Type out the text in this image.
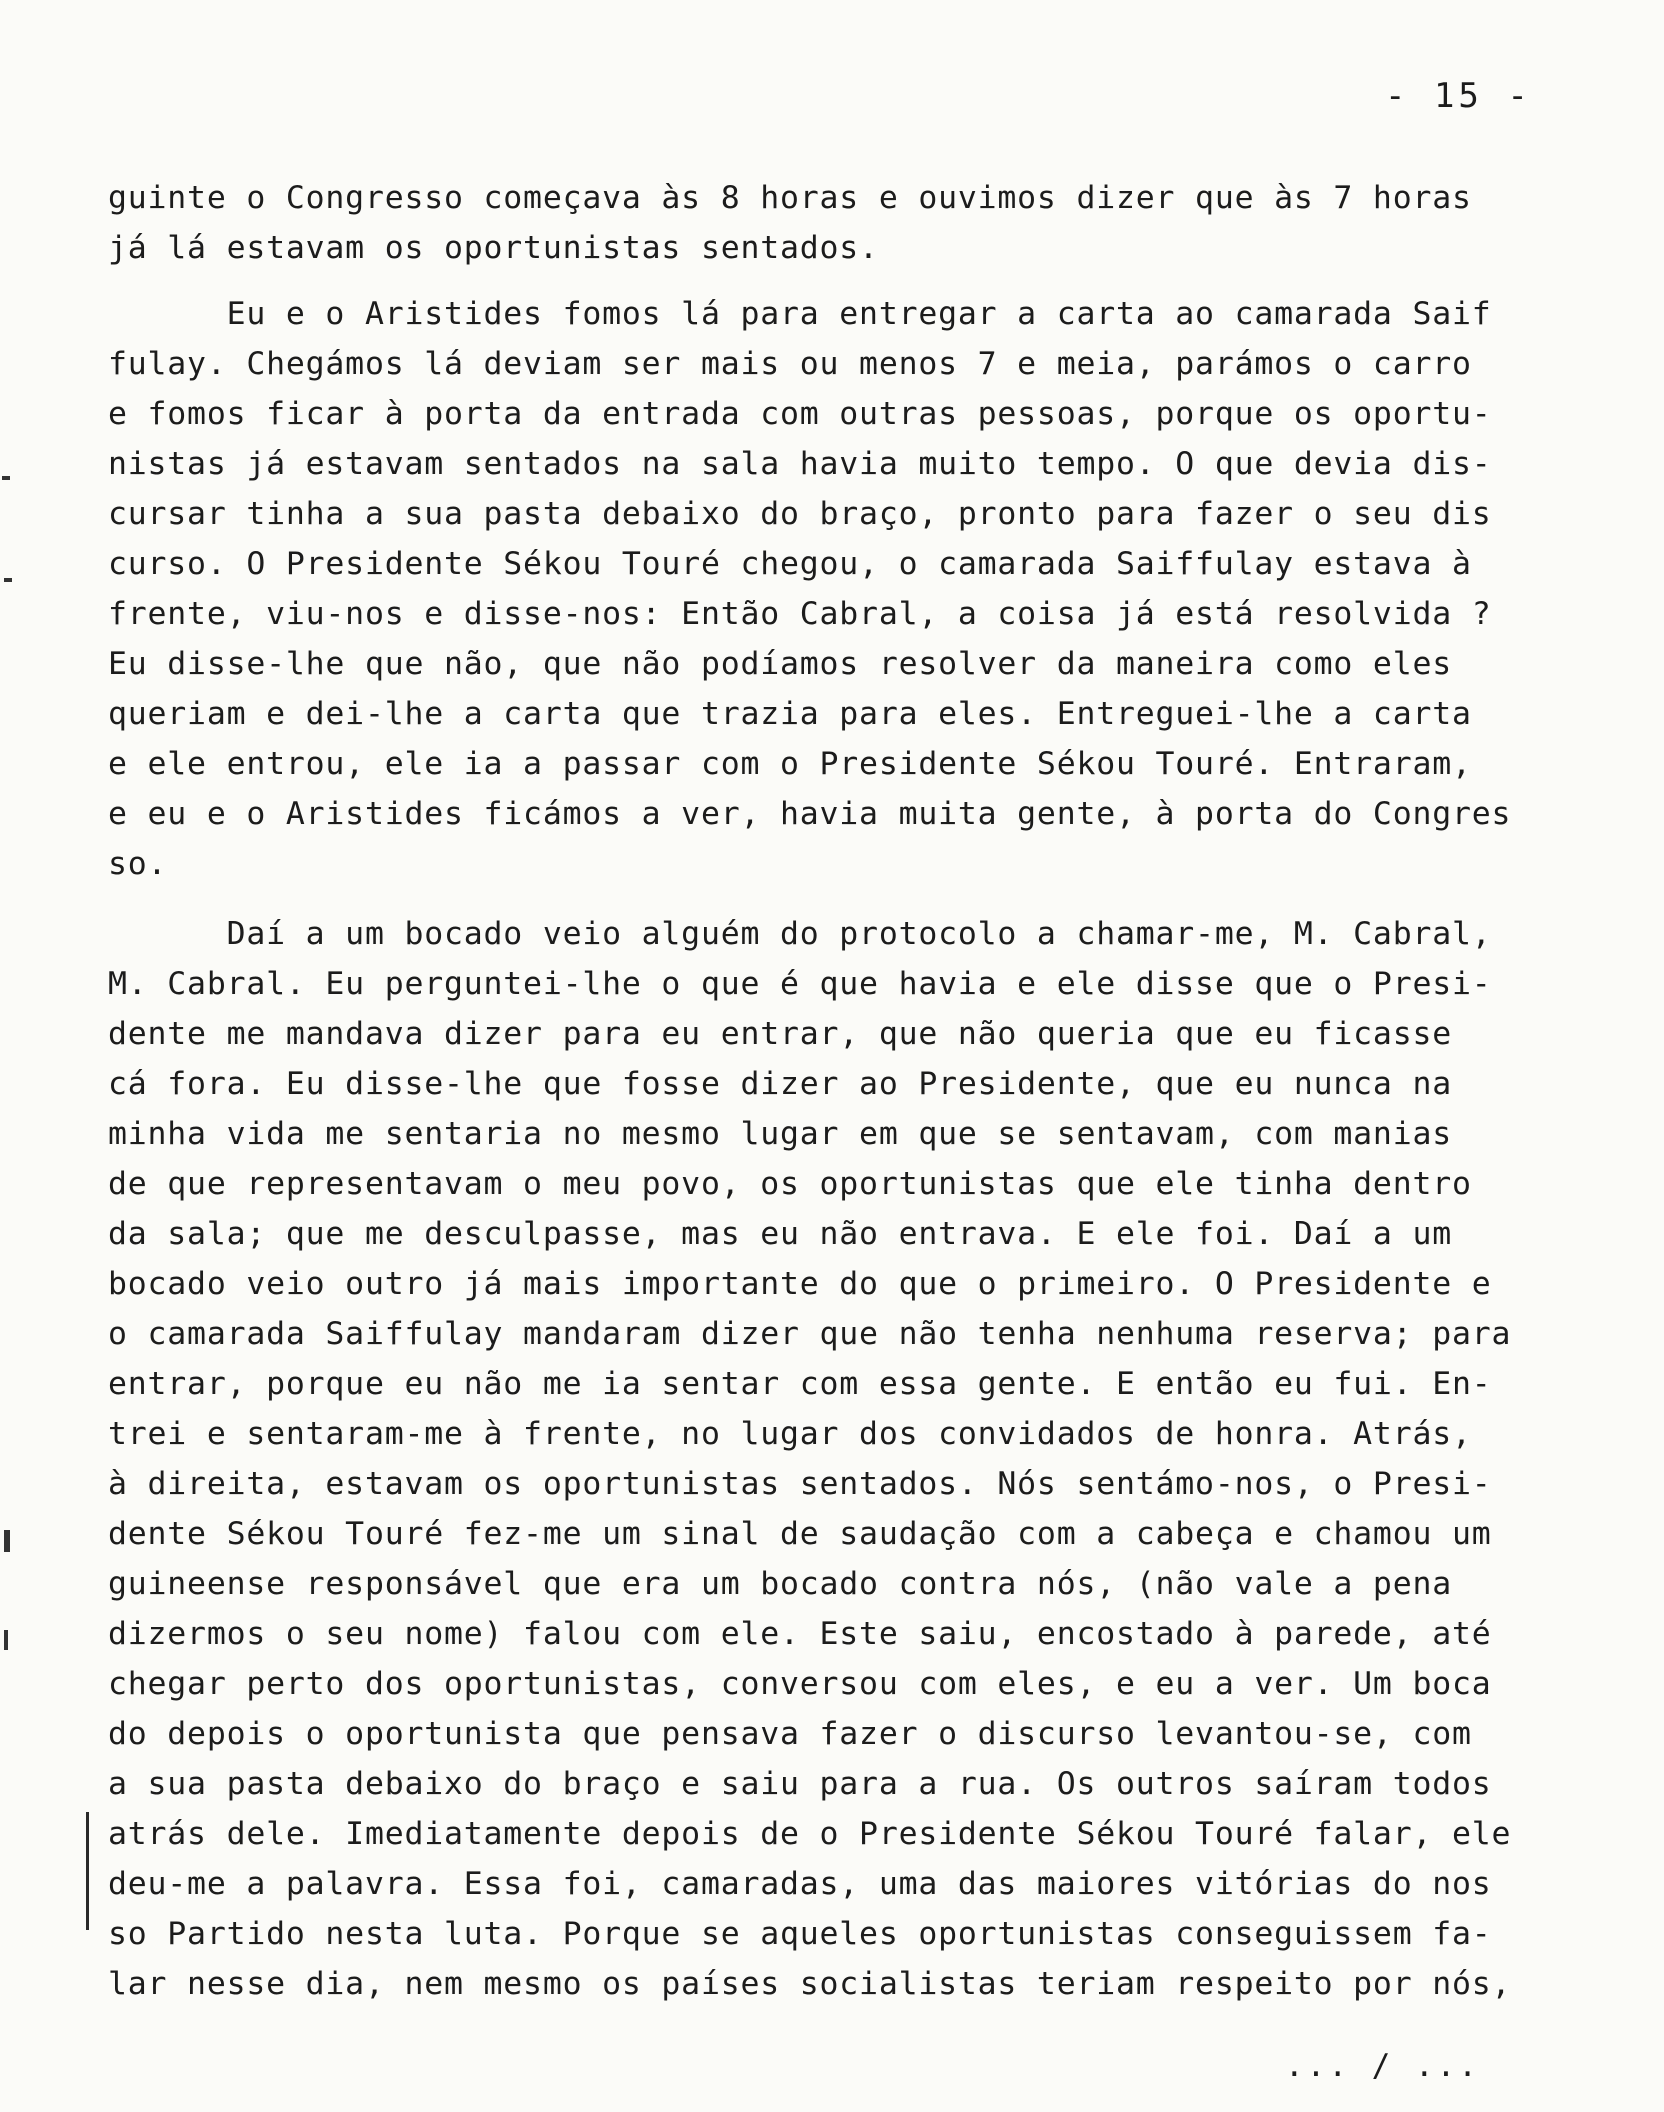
- 15 -
guinte o Congresso começava às 8 horas e ouvimos dizer que às 7 horas
já lá estavam os oportunistas sentados.
Eu e o Aristides fomos lá para entregar a carta ao camarada Saif
fulay. Chegámos lá deviam ser mais ou menos 7 e meia, parámos o carro
e fomos ficar à porta da entrada com outras pessoas, porque os oportu-
nistas já estavam sentados na sala havia muito tempo. O que devia dis-
cursar tinha a sua pasta debaixo do braço, pronto para fazer o seu dis
curso. O Presidente Sékou Touré chegou, o camarada Saiffulay estava à
frente, viu-nos e disse-nos: Então Cabral, a coisa já está resolvida ?
Eu disse-lhe que não, que não podíamos resolver da maneira como eles
queriam e dei-lhe a carta que trazia para eles. Entreguei-lhe a carta
e ele entrou, ele ia a passar com o Presidente Sékou Touré. Entraram,
e eu e o Aristides ficámos a ver, havia muita gente, à porta do Congres
so.
Daí a um bocado veio alguém do protocolo a chamar-me, M. Cabral,
M. Cabral. Eu perguntei-lhe o que é que havia e ele disse que o Presi-
dente me mandava dizer para eu entrar, que não queria que eu ficasse
cá fora. Eu disse-lhe que fosse dizer ao Presidente, que eu nunca na
minha vida me sentaria no mesmo lugar em que se sentavam, com manias
de que representavam o meu povo, os oportunistas que ele tinha dentro
da sala; que me desculpasse, mas eu não entrava. E ele foi. Daí a um
bocado veio outro já mais importante do que o primeiro. O Presidente e
o camarada Saiffulay mandaram dizer que não tenha nenhuma reserva; para
entrar, porque eu não me ia sentar com essa gente. E então eu fui. En-
trei e sentaram-me à frente, no lugar dos convidados de honra. Atrás,
à direita, estavam os oportunistas sentados. Nós sentámo-nos, o Presi-
dente Sékou Touré fez-me um sinal de saudação com a cabeça e chamou um
guineense responsável que era um bocado contra nós, (não vale a pena
dizermos o seu nome) falou com ele. Este saiu, encostado à parede, até
chegar perto dos oportunistas, conversou com eles, e eu a ver. Um boca
do depois o oportunista que pensava fazer o discurso levantou-se, com
a sua pasta debaixo do braço e saiu para a rua. Os outros saíram todos
atrás dele. Imediatamente depois de o Presidente Sékou Touré falar, ele
deu-me a palavra. Essa foi, camaradas, uma das maiores vitórias do nos
so Partido nesta luta. Porque se aqueles oportunistas conseguissem fa-
lar nesse dia, nem mesmo os países socialistas teriam respeito por nós,
... / ...
